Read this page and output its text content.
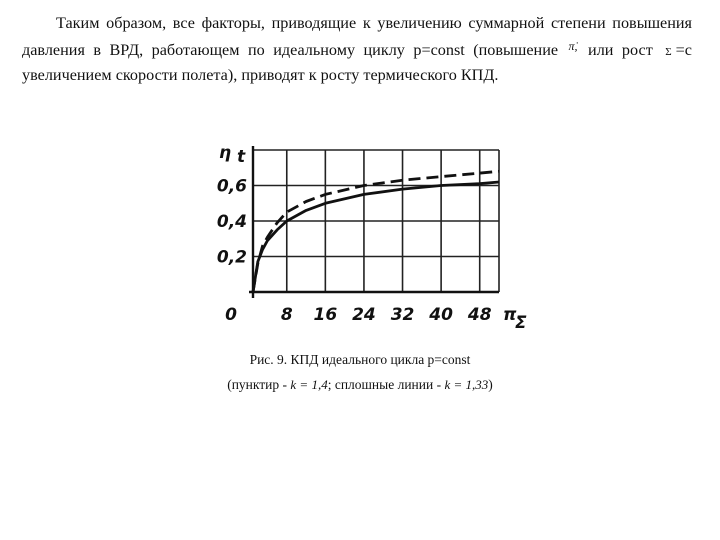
Таким образом, все факторы, приводящие к увеличению суммарной степени повышения давления в ВРД, работающем по идеальному циклу p=const (повышение $^{\pi̇,}$ или рост Σ =с увеличением скорости полета), приводят к росту термического КПД.

8 16 24 32 40 48
0,2
0,4
0,6
0
η t
π
Σ

Рис. 9. КПД идеального цикла p=const

(пунктир - k = 1,4; сплошные линии - k = 1,33)
